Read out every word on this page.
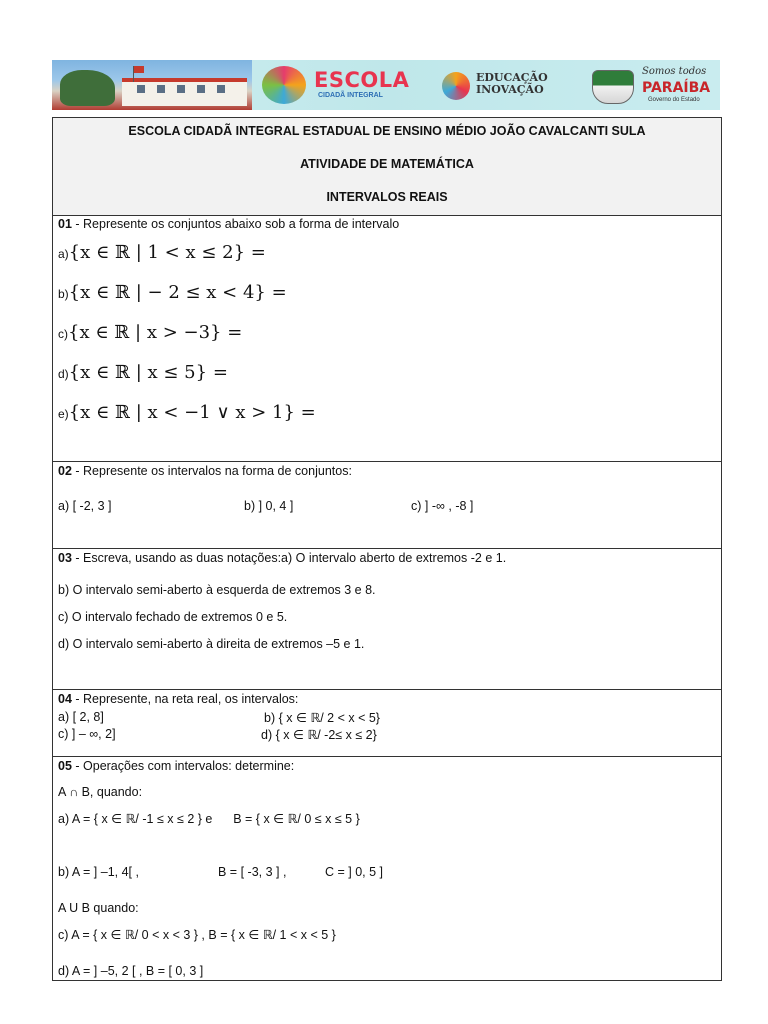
ESCOLA
CIDADÃ INTEGRAL
EDUCAÇÃO
INOVAÇÃO
Somos todos
PARAÍBA
Governo do Estado
ESCOLA CIDADÃ INTEGRAL ESTADUAL DE ENSINO MÉDIO JOÃO CAVALCANTI SULA
ATIVIDADE DE MATEMÁTICA
INTERVALOS REAIS
01 - Represente os conjuntos abaixo sob a forma de intervalo
a){x ∈ ℝ | 1 < x ≤ 2} =
b){x ∈ ℝ | − 2 ≤ x < 4} =
c){x ∈ ℝ | x > −3} =
d){x ∈ ℝ | x ≤ 5} =
e){x ∈ ℝ | x < −1 ∨ x > 1} =
02 - Represente os intervalos na forma de conjuntos:
a) [ -2, 3 ]	b) ] 0, 4 ]	c) ] -∞ , -8 ]
03 - Escreva, usando as duas notações:a) O intervalo aberto de extremos -2 e 1.
b) O intervalo semi-aberto à esquerda de extremos 3 e 8.
c) O intervalo fechado de extremos 0 e 5.
d) O intervalo semi-aberto à direita de extremos –5 e 1.
04 - Represente, na reta real, os intervalos:
a) [ 2, 8]	b) { x ∈ ℝ/ 2 < x < 5}
c) ] – ∞, 2]	d) { x ∈ ℝ/ -2≤ x ≤ 2}
05 - Operações com intervalos: determine:
A ∩ B, quando:
a) A = { x ∈ ℝ/ -1 ≤ x ≤ 2 } e      B = { x ∈ ℝ/ 0 ≤ x ≤ 5 }
b) A = ] –1, 4[ ,	B = [ -3, 3 ] ,	C = ] 0, 5 ]
A U B quando:
c) A = { x ∈ ℝ/ 0 < x < 3 } , B = { x ∈ ℝ/ 1 < x < 5 }
d) A = ] –5, 2 [ , B = [ 0, 3 ]
